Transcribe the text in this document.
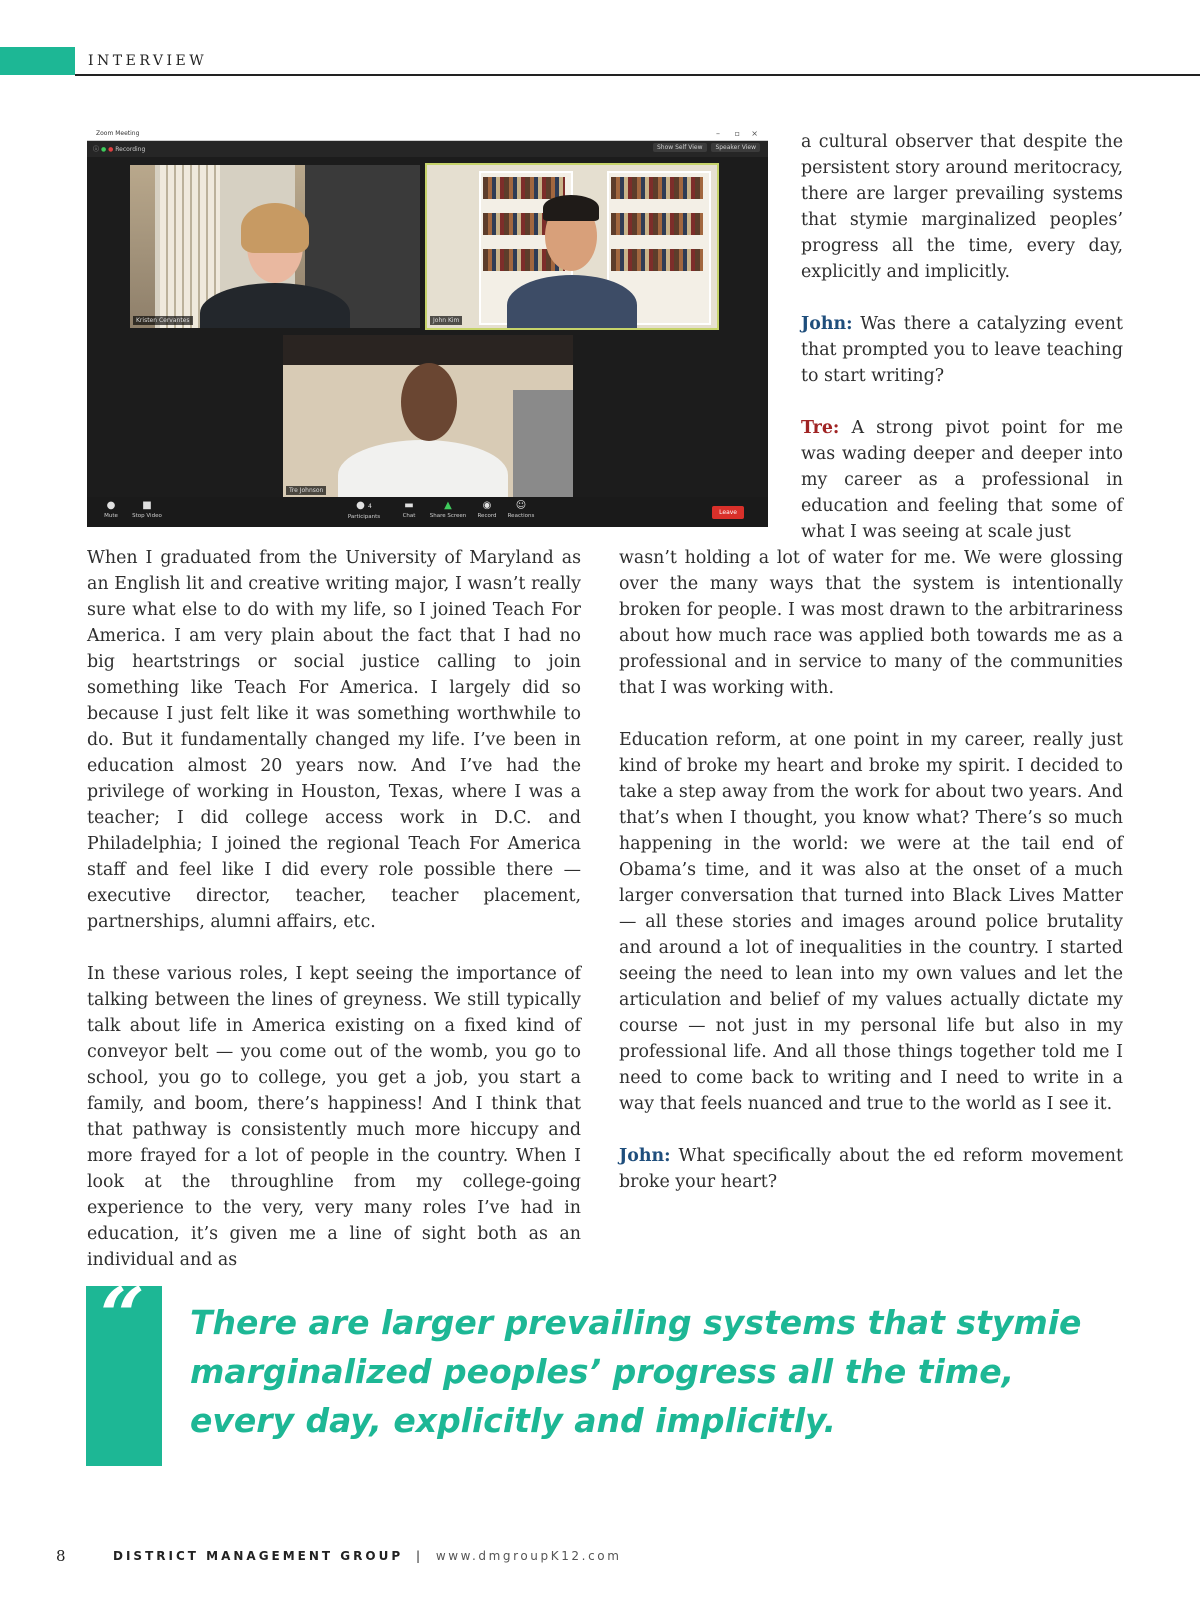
INTERVIEW
Zoom Meeting	– ▫ ×
ⓘ ● ● Recording	Show Self View Speaker View
Kristen Cervantes	John Kim
Tre Johnson
●
Mute
■
Stop Video
● 4
Participants
▬
Chat
▲
Share Screen
◉
Record
☺
Reactions	Leave

a cultural observer that despite the persistent story around meritocracy, there are larger prevailing systems that stymie marginalized peoples’ progress all the time, every day, explicitly and implicitly.

John: Was there a catalyzing event that prompted you to leave teaching to start writing?

Tre: A strong pivot point for me was wading deeper and deeper into my career as a professional in education and feeling that some of what I was seeing at scale just

When I graduated from the University of Maryland as an English lit and creative writing major, I wasn’t really sure what else to do with my life, so I joined Teach For America. I am very plain about the fact that I had no big heartstrings or social justice calling to join something like Teach For America. I largely did so because I just felt like it was something worthwhile to do. But it fundamentally changed my life. I’ve been in education almost 20 years now. And I’ve had the privilege of working in Houston, Texas, where I was a teacher; I did college access work in D.C. and Philadelphia; I joined the regional Teach For America staff and feel like I did every role possible there — executive director, teacher, teacher placement, partnerships, alumni affairs, etc.

In these various roles, I kept seeing the importance of talking between the lines of greyness. We still typically talk about life in America existing on a fixed kind of conveyor belt — you come out of the womb, you go to school, you go to college, you get a job, you start a family, and boom, there’s happiness! And I think that that pathway is consistently much more hiccupy and more frayed for a lot of people in the country. When I look at the throughline from my college-going experience to the very, very many roles I’ve had in education, it’s given me a line of sight both as an individual and as

wasn’t holding a lot of water for me. We were glossing over the many ways that the system is intentionally broken for people. I was most drawn to the arbitrariness about how much race was applied both towards me as a professional and in service to many of the communities that I was working with.

Education reform, at one point in my career, really just kind of broke my heart and broke my spirit. I decided to take a step away from the work for about two years. And that’s when I thought, you know what? There’s so much happening in the world: we were at the tail end of Obama’s time, and it was also at the onset of a much larger conversation that turned into Black Lives Matter — all these stories and images around police brutality and around a lot of inequalities in the country. I started seeing the need to lean into my own values and let the articulation and belief of my values actually dictate my course — not just in my personal life but also in my professional life. And all those things together told me I need to come back to writing and I need to write in a way that feels nuanced and true to the world as I see it.

John: What specifically about the ed reform movement broke your heart?

“ There are larger prevailing systems that stymie
marginalized peoples’ progress all the time,
every day, explicitly and implicitly.
8	DISTRICT MANAGEMENT GROUP | www.dmgroupK12.com
